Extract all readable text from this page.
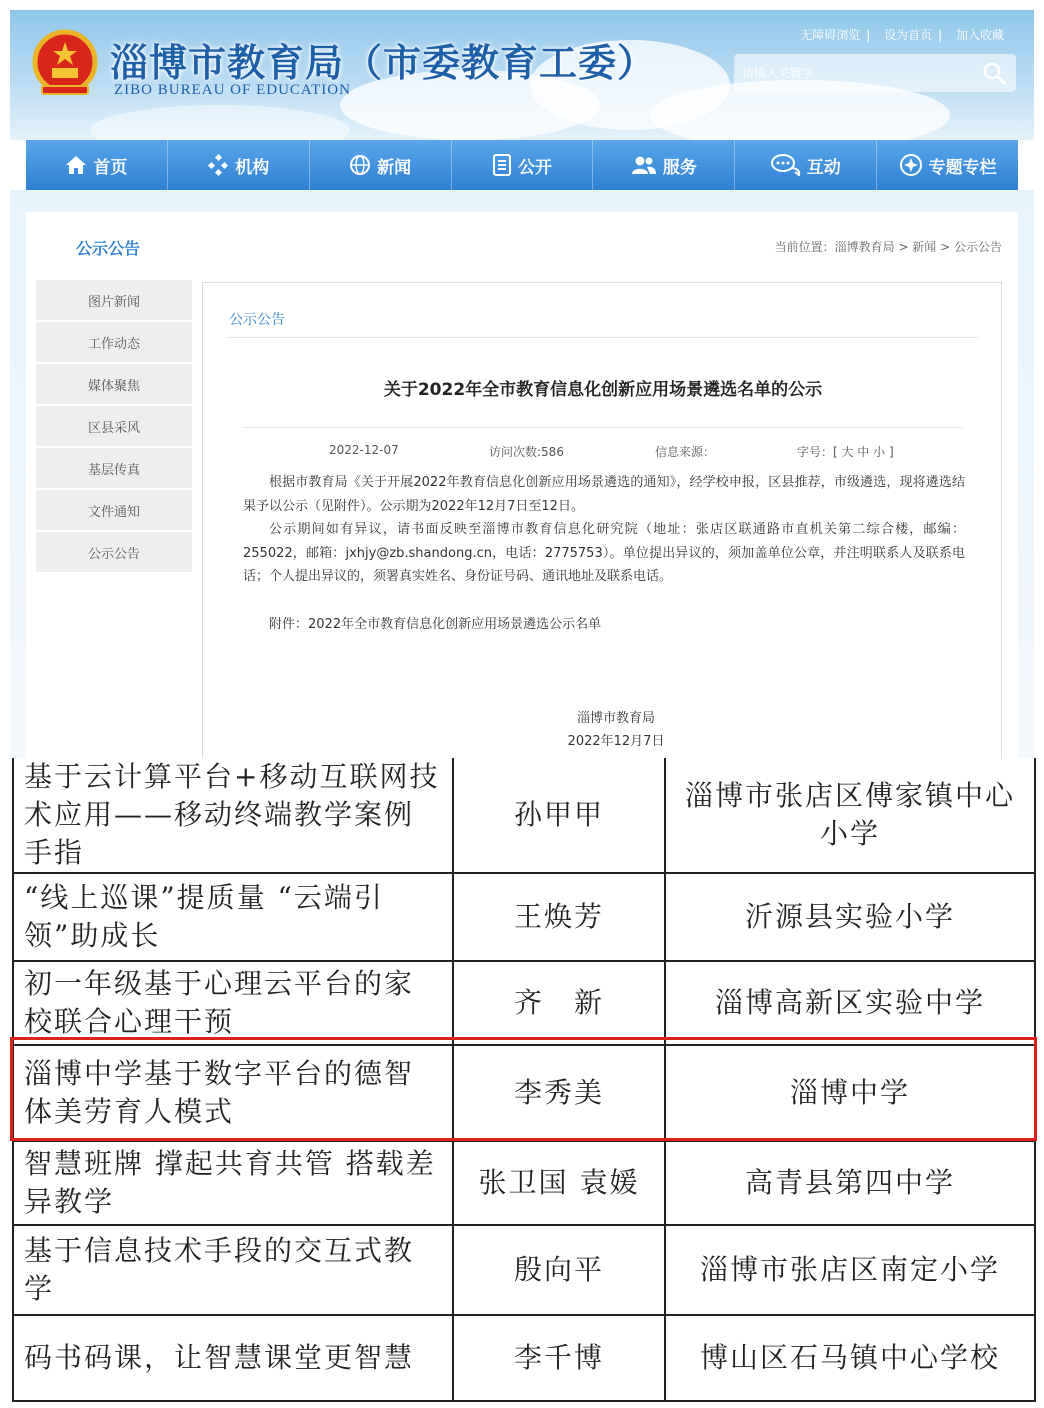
淄博市教育局（市委教育工委）
ZIBO BUREAU OF EDUCATION
无障碍浏览 | 设为首页 | 加入收藏
请输入关键字
首页	机构	新闻	公开	服务	互动	专题专栏
公示公告	当前位置：淄博教育局 > 新闻 > 公示公告
图片新闻
工作动态
媒体聚焦
区县采风
基层传真
文件通知
公示公告
公示公告
关于2022年全市教育信息化创新应用场景遴选名单的公示
2022-12-07	访问次数:586	信息来源：	字号：[ 大 中 小 ]

根据市教育局《关于开展2022年教育信息化创新应用场景遴选的通知》，经学校申报，区县推荐，市级遴选，现将遴选结果予以公示（见附件）。公示期为2022年12月7日至12日。

公示期间如有异议，请书面反映至淄博市教育信息化研究院（地址：张店区联通路市直机关第二综合楼，邮编：255022，邮箱：jxhjy@zb.shandong.cn，电话：2775753）。单位提出异议的，须加盖单位公章，并注明联系人及联系电话；个人提出异议的，须署真实姓名、身份证号码、通讯地址及联系电话。

附件：2022年全市教育信息化创新应用场景遴选公示名单
淄博市教育局
2022年12月7日
基于云计算平台+移动互联网技术应用——移动终端教学案例手指	孙甲甲	淄博市张店区傅家镇中心小学
“线上巡课”提质量 “云端引领”助成长	王焕芳	沂源县实验小学
初一年级基于心理云平台的家校联合心理干预	齐　新	淄博高新区实验中学
淄博中学基于数字平台的德智体美劳育人模式	李秀美	淄博中学
智慧班牌 撑起共育共管 搭载差异教学	张卫国 袁媛	高青县第四中学
基于信息技术手段的交互式教学	殷向平	淄博市张店区南定小学
码书码课，让智慧课堂更智慧	李千博	博山区石马镇中心学校
